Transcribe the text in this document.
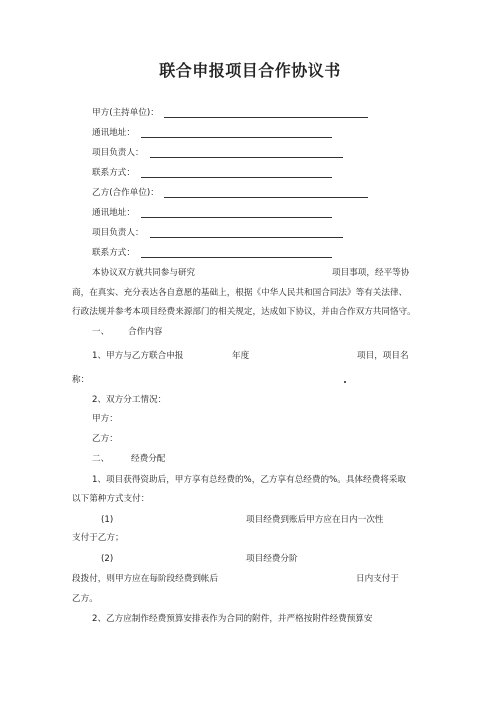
联合申报项目合作协议书
甲方(主持单位)：
通讯地址：
项目负责人：
联系方式：
乙方(合作单位)：
通讯地址：
项目负责人：
联系方式：
本协议双方就共同参与研究	项目事项，经平等协
商，在真实、充分表达各自意愿的基础上，根据《中华人民共和国合同法》等有关法律、
行政法规并参考本项目经费来源部门的相关规定，达成如下协议，并由合作双方共同恪守。
一、 合作内容
1、甲方与乙方联合申报	年度	项目，项目名
称：
2、双方分工情况：
甲方：
乙方：
二、	经费分配
1、项目获得资助后，甲方享有总经费的%，乙方享有总经费的%。具体经费将采取
以下第种方式支付：
(1)	项目经费到账后甲方应在日内一次性
支付于乙方；
(2)	项目经费分阶
段拨付，则甲方应在每阶段经费到帐后	日内支付于
乙方。
2、乙方应制作经费预算安排表作为合同的附件，并严格按附件经费预算安
